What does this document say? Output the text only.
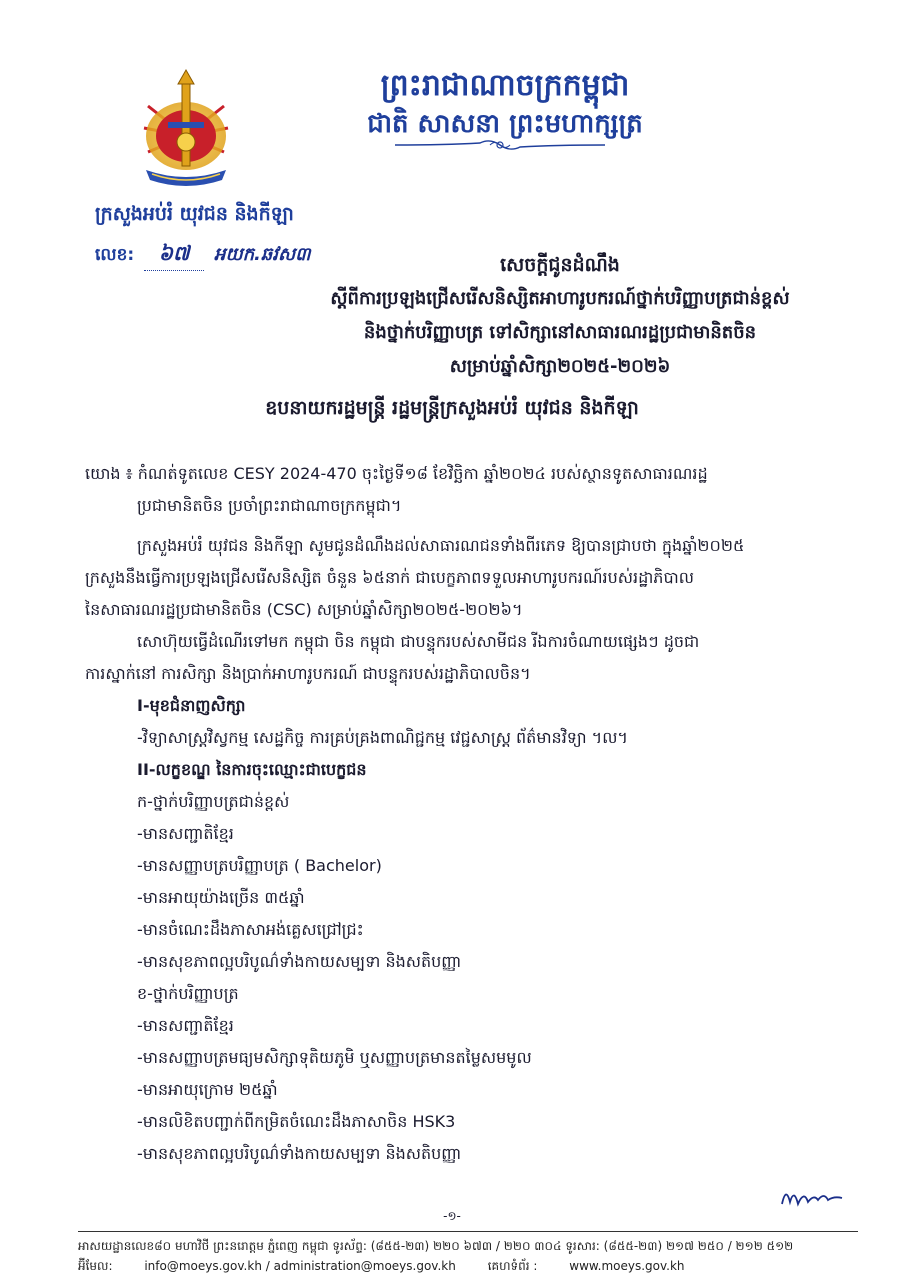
ព្រះរាជាណាចក្រកម្ពុជា
ជាតិ សាសនា ព្រះមហាក្សត្រ
ក្រសួងអប់រំ យុវជន និងកីឡា
លេខ: ៦៧ អយក.ឆវស៣	សេចក្ដីជូនដំណឹង
ស្ដីពីការប្រឡងជ្រើសរើសនិស្សិតអាហារូបករណ៍ថ្នាក់បរិញ្ញាបត្រជាន់ខ្ពស់
និងថ្នាក់បរិញ្ញាបត្រ ទៅសិក្សានៅសាធារណរដ្ឋប្រជាមានិតចិន
សម្រាប់ឆ្នាំសិក្សា២០២៥-២០២៦
ឧបនាយករដ្ឋមន្ត្រី រដ្ឋមន្ត្រីក្រសួងអប់រំ យុវជន និងកីឡា

យោង ៖ កំណត់ទូតលេខ CESY 2024-470 ចុះថ្ងៃទី១៨ ខែវិច្ឆិកា ឆ្នាំ២០២៤ របស់ស្ថានទូតសាធារណរដ្ឋ

ប្រជាមានិតចិន ប្រចាំព្រះរាជាណាចក្រកម្ពុជា។

ក្រសួងអប់រំ យុវជន និងកីឡា សូមជូនដំណឹងដល់សាធារណជនទាំងពីរភេទ ឱ្យបានជ្រាបថា ក្នុងឆ្នាំ២០២៥

ក្រសួងនឹងធ្វើការប្រឡងជ្រើសរើសនិស្សិត ចំនួន ៦៥នាក់ ជាបេក្ខភាពទទួលអាហារូបករណ៍របស់រដ្ឋាភិបាល

នៃសាធារណរដ្ឋប្រជាមានិតចិន (CSC) សម្រាប់ឆ្នាំសិក្សា២០២៥-២០២៦។

សោហ៊ុយធ្វើដំណើរទៅមក កម្ពុជា ចិន កម្ពុជា ជាបន្ទុករបស់សាមីជន រីឯការចំណាយផ្សេងៗ ដូចជា

ការស្នាក់នៅ ការសិក្សា និងប្រាក់អាហារូបករណ៍ ជាបន្ទុករបស់រដ្ឋាភិបាលចិន។

I-មុខជំនាញសិក្សា

-វិទ្យាសាស្ត្រវិស្វកម្ម សេដ្ឋកិច្ច ការគ្រប់គ្រងពាណិជ្ជកម្ម វេជ្ជសាស្ត្រ ព័ត៌មានវិទ្យា ។ល។

II-លក្ខខណ្ឌ នៃការចុះឈ្មោះជាបេក្ខជន

ក-ថ្នាក់បរិញ្ញាបត្រជាន់ខ្ពស់

-មានសញ្ជាតិខ្មែរ

-មានសញ្ញាបត្របរិញ្ញាបត្រ ( Bachelor)

-មានអាយុយ៉ាងច្រើន ៣៥ឆ្នាំ

-មានចំណេះដឹងភាសាអង់គ្លេសជ្រៅជ្រះ

-មានសុខភាពល្អបរិបូណ៌ទាំងកាយសម្បទា និងសតិបញ្ញា

ខ-ថ្នាក់បរិញ្ញាបត្រ

-មានសញ្ជាតិខ្មែរ

-មានសញ្ញាបត្រមធ្យមសិក្សាទុតិយភូមិ ឬសញ្ញាបត្រមានតម្លៃសមមូល

-មានអាយុក្រោម ២៥ឆ្នាំ

-មានលិខិតបញ្ជាក់ពីកម្រិតចំណេះដឹងភាសាចិន HSK3

-មានសុខភាពល្អបរិបូណ៌ទាំងកាយសម្បទា និងសតិបញ្ញា

-១-
អាសយដ្ឋានលេខ៨០ មហាវិថី ព្រះនរោត្តម ភ្នំពេញ កម្ពុជា ទូរស័ព្ទ: (៨៥៥-២៣) ២២០ ៦៧៣ / ២២០ ៣០៤ ទូរសារ: (៨៥៥-២៣) ២១៧ ២៥០ / ២១២ ៥១២
អ៊ីមែល:	info@moeys.gov.kh / administration@moeys.gov.kh	គេហទំព័រ :	www.moeys.gov.kh
